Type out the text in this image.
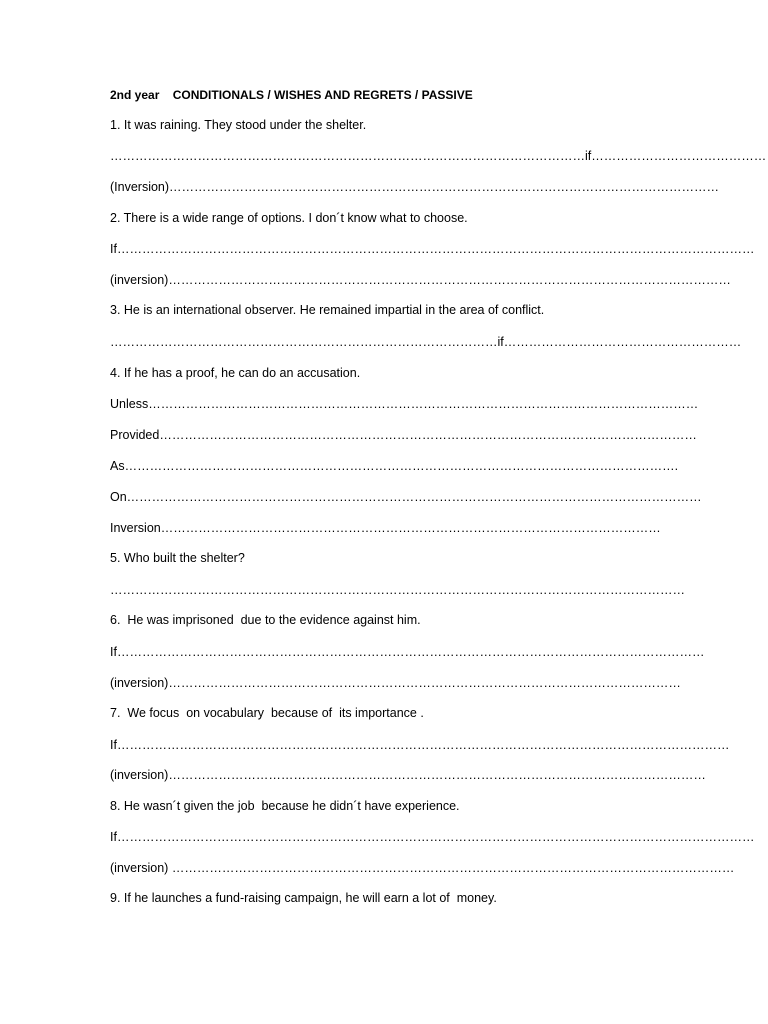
2nd year    CONDITIONALS / WISHES AND REGRETS / PASSIVE
1. It was raining. They stood under the shelter.
……………………………………………………………………………………………………if……………………………………
(Inversion)……………………………………………………………………………………………………………………
2. There is a wide range of options. I don´t know what to choose.
If………………………………………………………………………………………………………………………………………
(inversion)………………………………………………………………………………………………………………………
3. He is an international observer. He remained impartial in the area of conflict.
…………………………………………………………………………………if…………………………………………………
4. If he has a proof, he can do an accusation.
Unless……………………………………………………………………………………………………………………
Provided…………………………………………………………………………………………………………………
As…………………………………………………………………………………………………………………….
On…………………………………………………………………………………………………………………………
Inversion…………………………………………………………………………………………………………
5. Who built the shelter?
…………………………………………………………………………………………………………………………
6.  He was imprisoned  due to the evidence against him.
If……………………………………………………………………………………………………………………………
(inversion)……………………………………………………………………………………………………………
7.  We focus  on vocabulary  because of  its importance .
If…………………………………………………………………………………………………………………………………
(inversion)…………………………………………………………………………………………………………………
8. He wasn´t given the job  because he didn´t have experience.
If………………………………………………………………………………………………………………………………………
(inversion) ………………………………………………………………………………………………………………………
9. If he launches a fund-raising campaign, he will earn a lot of  money.
